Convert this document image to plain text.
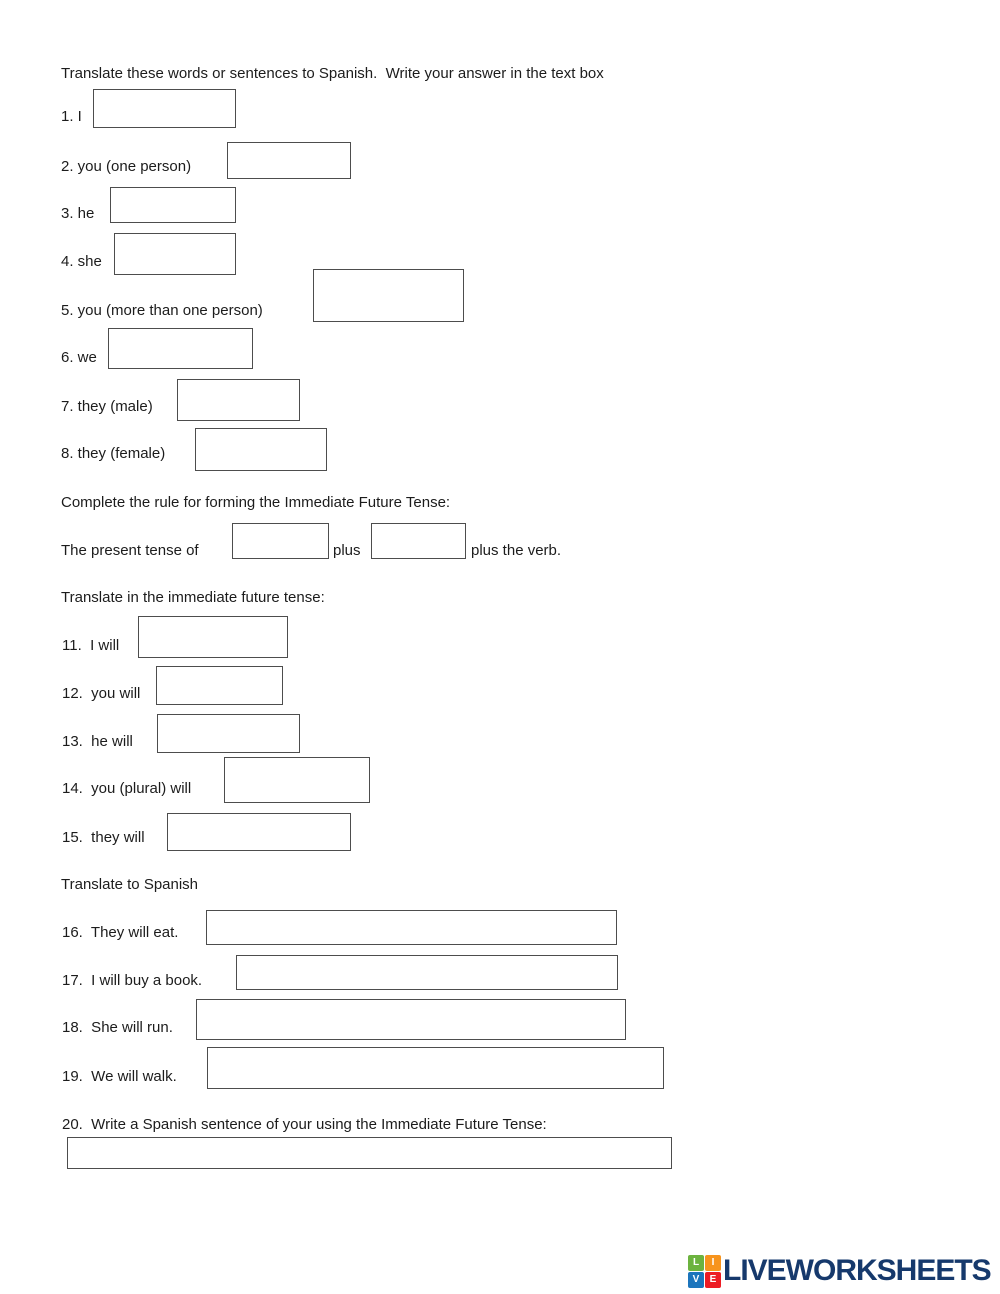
Translate these words or sentences to Spanish.  Write your answer in the text box
1. I
2. you (one person)
3. he
4. she
5. you (more than one person)
6. we
7. they (male)
8. they (female)
Complete the rule for forming the Immediate Future Tense:
The present tense of	plus	plus the verb.
Translate in the immediate future tense:
11.  I will
12.  you will
13.  he will
14.  you (plural) will
15.  they will
Translate to Spanish
16.  They will eat.
17.  I will buy a book.
18.  She will run.
19.  We will walk.
20.  Write a Spanish sentence of your using the Immediate Future Tense:
L	I
V	E LIVEWORKSHEETS
